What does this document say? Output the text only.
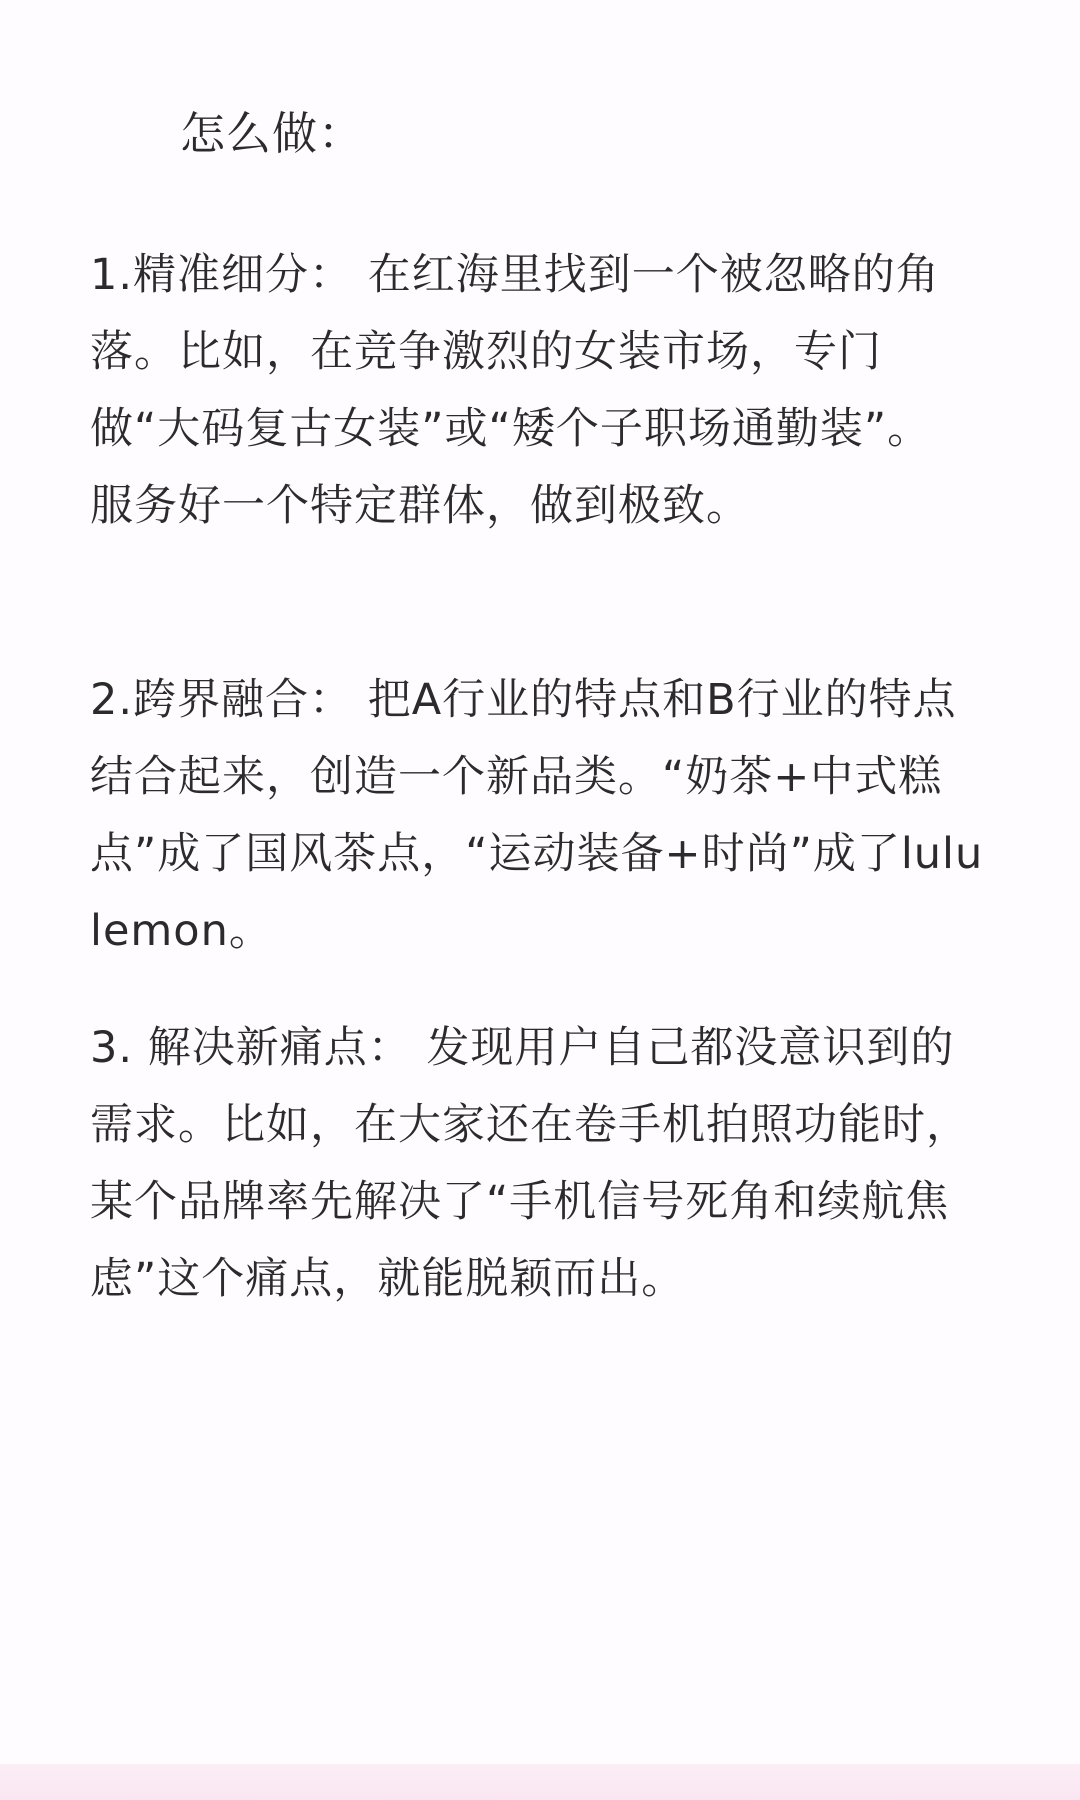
怎么做：

1.精准细分： 在红海里找到一个被忽略的角落。比如，在竞争激烈的女装市场，专门做“大码复古女装”或“矮个子职场通勤装”。服务好一个特定群体，做到极致。

2.跨界融合： 把A行业的特点和B行业的特点结合起来，创造一个新品类。“奶茶+中式糕点”成了国风茶点，“运动装备+时尚”成了lululemon。

3. 解决新痛点： 发现用户自己都没意识到的需求。比如，在大家还在卷手机拍照功能时，某个品牌率先解决了“手机信号死角和续航焦虑”这个痛点，就能脱颖而出。
